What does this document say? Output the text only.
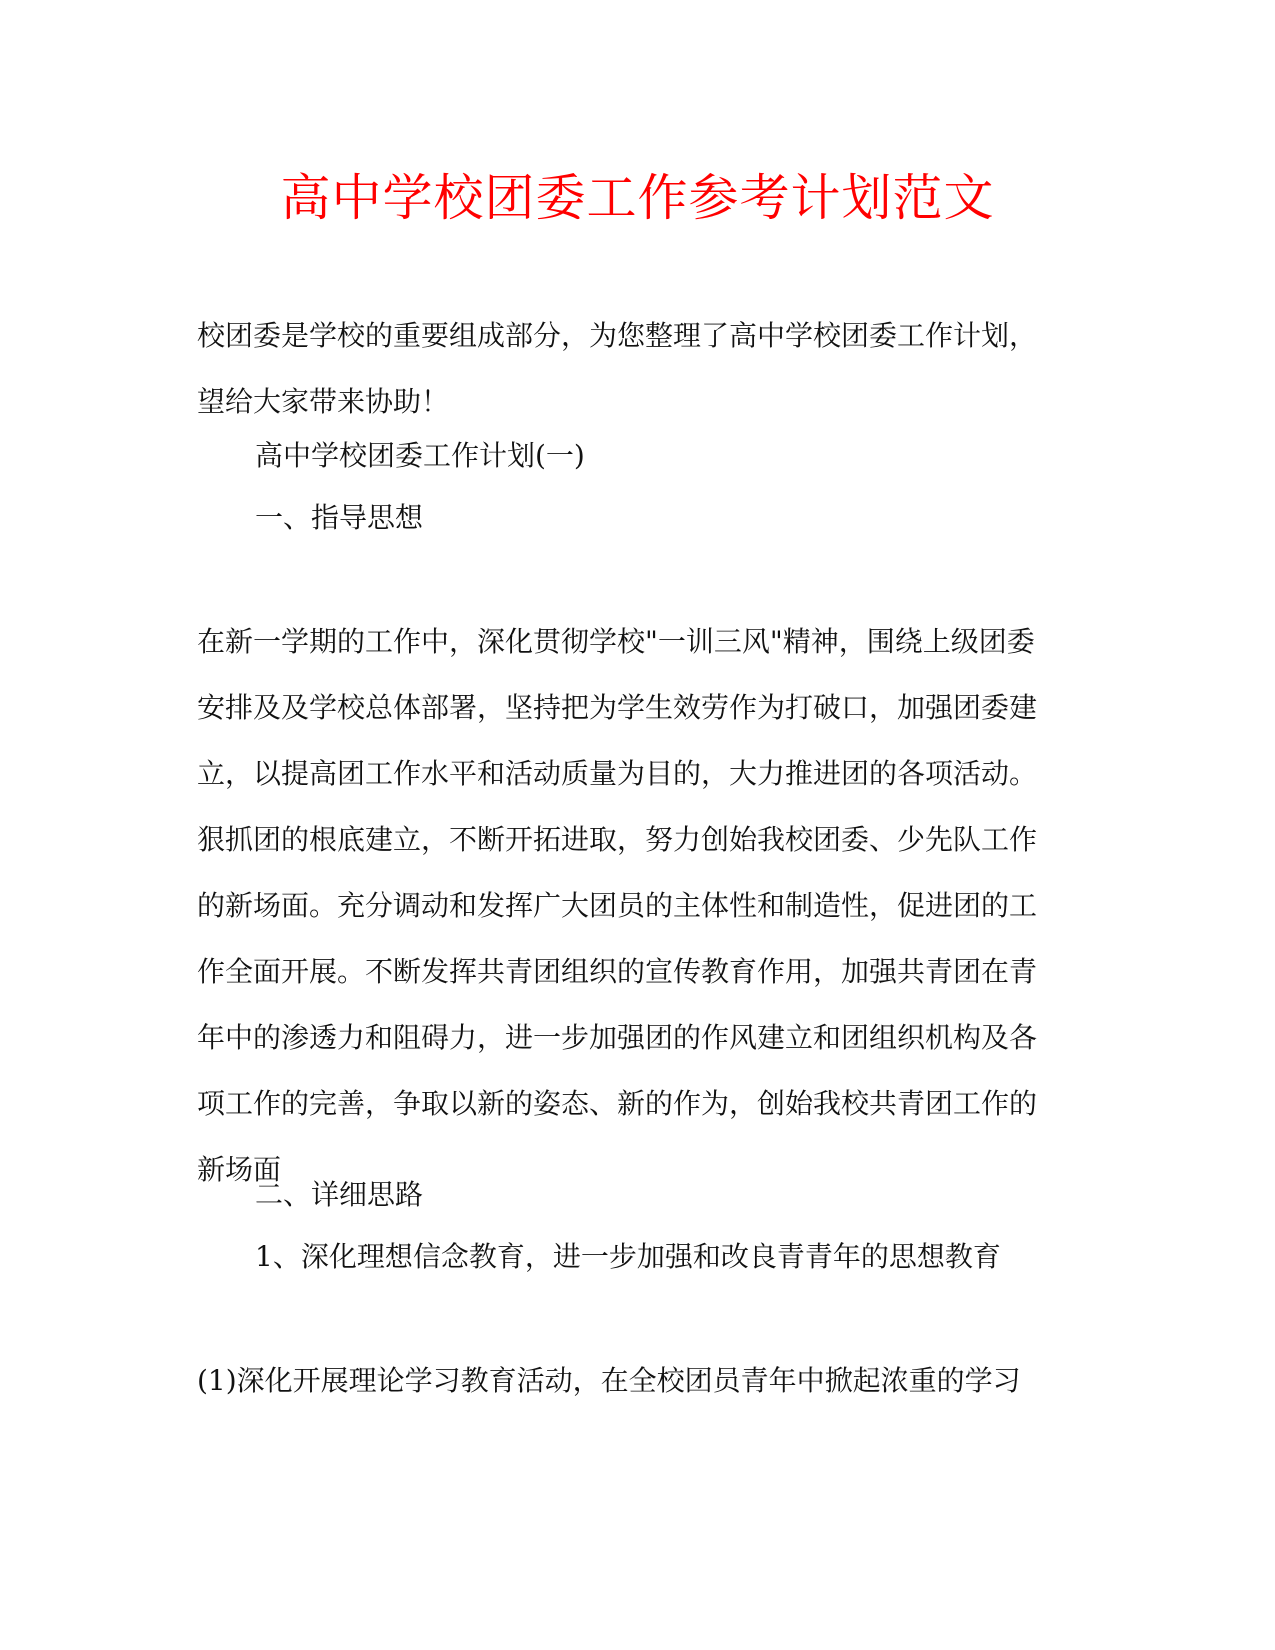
高中学校团委工作参考计划范文
校团委是学校的重要组成部分，为您整理了高中学校团委工作计划，
望给大家带来协助！
高中学校团委工作计划(一)
一、指导思想
在新一学期的工作中，深化贯彻学校"一训三风"精神，围绕上级团委
安排及及学校总体部署，坚持把为学生效劳作为打破口，加强团委建
立，以提高团工作水平和活动质量为目的，大力推进团的各项活动。
狠抓团的根底建立，不断开拓进取，努力创始我校团委、少先队工作
的新场面。充分调动和发挥广大团员的主体性和制造性，促进团的工
作全面开展。不断发挥共青团组织的宣传教育作用，加强共青团在青
年中的渗透力和阻碍力，进一步加强团的作风建立和团组织机构及各
项工作的完善，争取以新的姿态、新的作为，创始我校共青团工作的
新场面
二、详细思路
1、深化理想信念教育，进一步加强和改良青青年的思想教育
(1)深化开展理论学习教育活动，在全校团员青年中掀起浓重的学习
